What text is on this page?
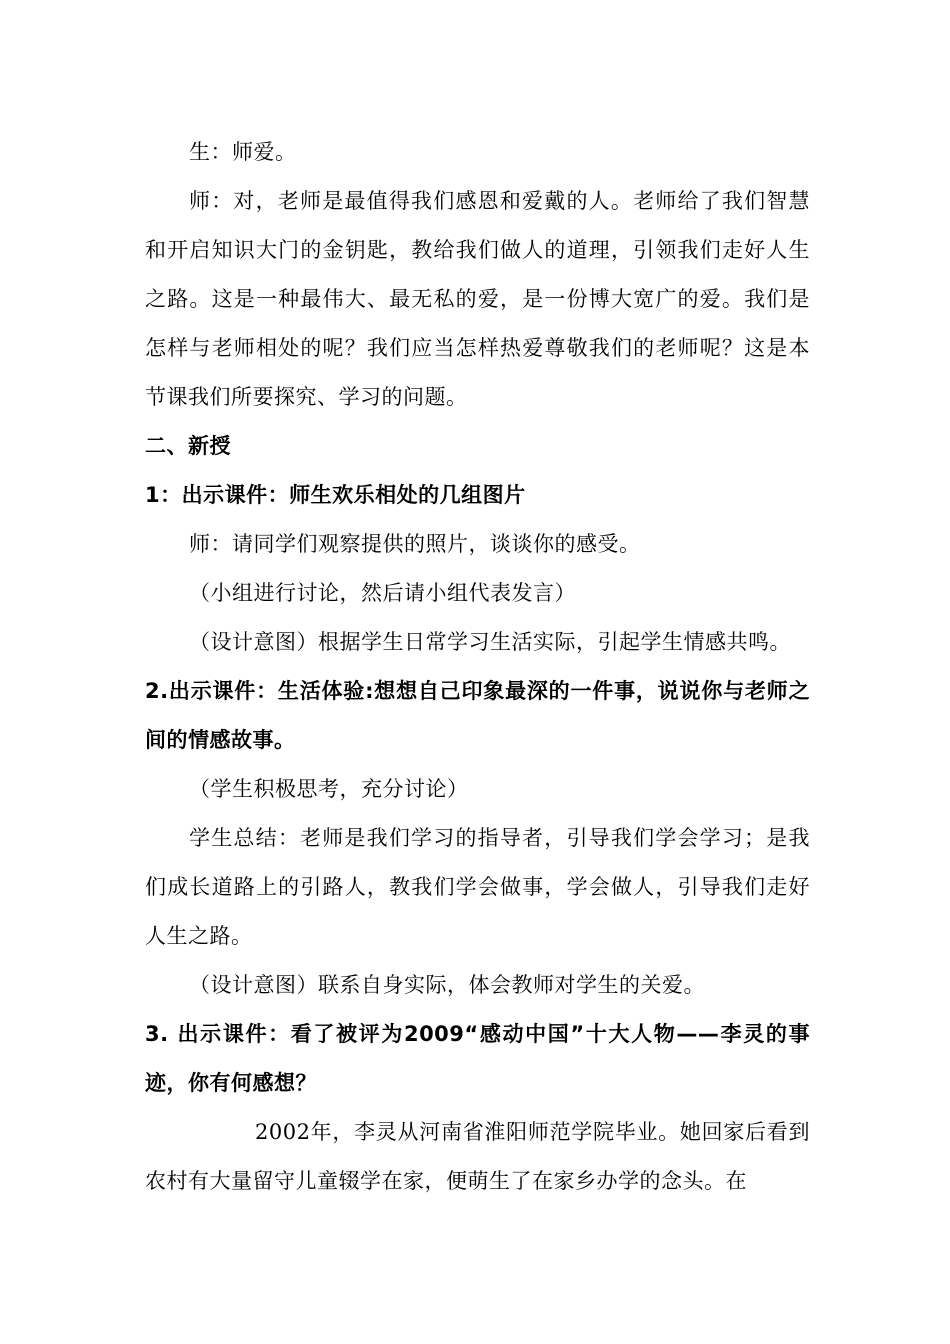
生：师爱。

师：对，老师是最值得我们感恩和爱戴的人。老师给了我们智慧和开启知识大门的金钥匙，教给我们做人的道理，引领我们走好人生之路。这是一种最伟大、最无私的爱，是一份博大宽广的爱。我们是怎样与老师相处的呢？我们应当怎样热爱尊敬我们的老师呢？这是本节课我们所要探究、学习的问题。

二、新授

1：出示课件：师生欢乐相处的几组图片

师：请同学们观察提供的照片，谈谈你的感受。

（小组进行讨论，然后请小组代表发言）

（设计意图）根据学生日常学习生活实际，引起学生情感共鸣。

2.出示课件：生活体验:想想自己印象最深的一件事，说说你与老师之间的情感故事。

（学生积极思考，充分讨论）

学生总结：老师是我们学习的指导者，引导我们学会学习；是我们成长道路上的引路人，教我们学会做事，学会做人，引导我们走好人生之路。

（设计意图）联系自身实际，体会教师对学生的关爱。

3. 出示课件：看了被评为2009“感动中国”十大人物——李灵的事迹，你有何感想？

2002年，李灵从河南省淮阳师范学院毕业。她回家后看到农村有大量留守儿童辍学在家，便萌生了在家乡办学的念头。在
